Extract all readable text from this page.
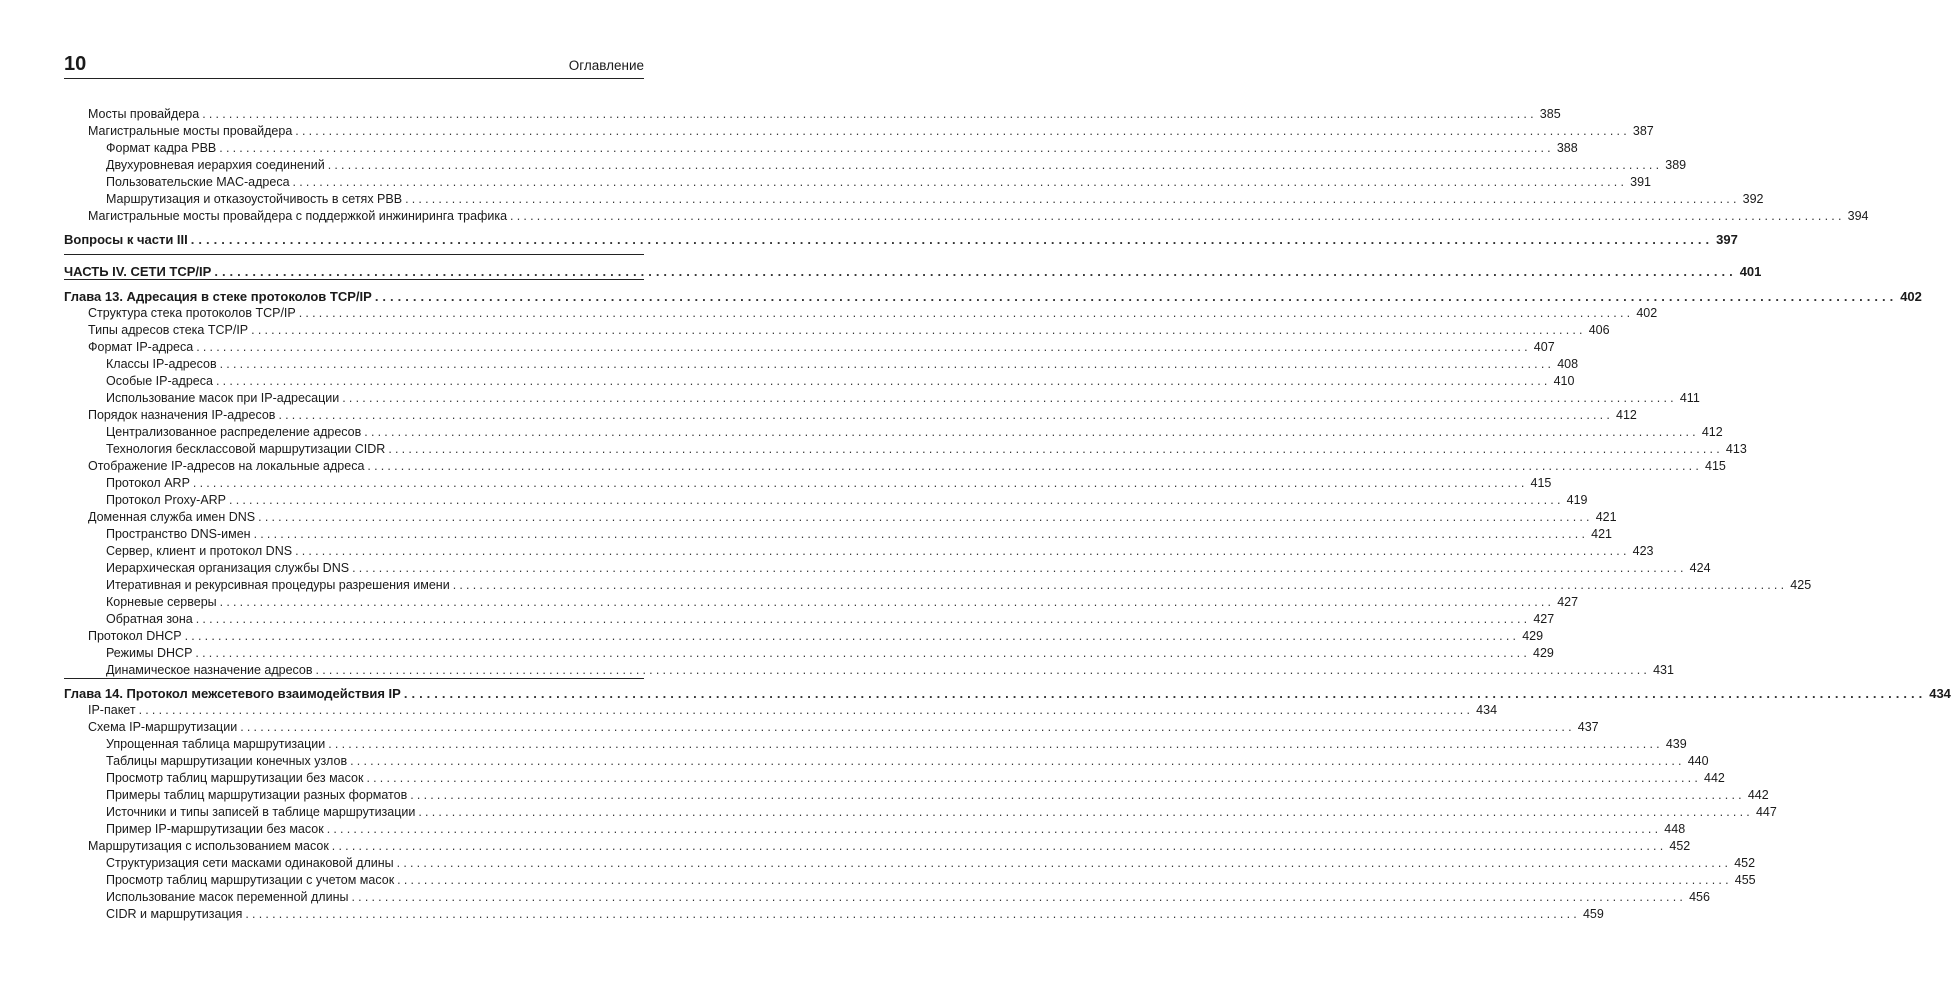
10	Оглавление
Мосты провайдера ........................................................................................................................................................................................................ 385
Магистральные мосты провайдера ........................................................................................................................................................................................................ 387
Формат кадра PBB ........................................................................................................................................................................................................ 388
Двухуровневая иерархия соединений ........................................................................................................................................................................................................ 389
Пользовательские MAC-адреса ........................................................................................................................................................................................................ 391
Маршрутизация и отказоустойчивость в сетях PBB ........................................................................................................................................................................................................ 392
Магистральные мосты провайдера с поддержкой инжиниринга трафика ........................................................................................................................................................................................................ 394
Вопросы к части III ........................................................................................................................................................................................................ 397
ЧАСТЬ IV. СЕТИ TCP/IP ........................................................................................................................................................................................................ 401
Глава 13. Адресация в стеке протоколов TCP/IP ........................................................................................................................................................................................................ 402
Структура стека протоколов TCP/IP ........................................................................................................................................................................................................ 402
Типы адресов стека TCP/IP ........................................................................................................................................................................................................ 406
Формат IP-адреса ........................................................................................................................................................................................................ 407
Классы IP-адресов ........................................................................................................................................................................................................ 408
Особые IP-адреса ........................................................................................................................................................................................................ 410
Использование масок при IP-адресации ........................................................................................................................................................................................................ 411
Порядок назначения IP-адресов ........................................................................................................................................................................................................ 412
Централизованное распределение адресов ........................................................................................................................................................................................................ 412
Технология бесклассовой маршрутизации CIDR ........................................................................................................................................................................................................ 413
Отображение IP-адресов на локальные адреса ........................................................................................................................................................................................................ 415
Протокол ARP ........................................................................................................................................................................................................ 415
Протокол Proxy-ARP ........................................................................................................................................................................................................ 419
Доменная служба имен DNS ........................................................................................................................................................................................................ 421
Пространство DNS-имен ........................................................................................................................................................................................................ 421
Сервер, клиент и протокол DNS ........................................................................................................................................................................................................ 423
Иерархическая организация службы DNS ........................................................................................................................................................................................................ 424
Итеративная и рекурсивная процедуры разрешения имени ........................................................................................................................................................................................................ 425
Корневые серверы ........................................................................................................................................................................................................ 427
Обратная зона ........................................................................................................................................................................................................ 427
Протокол DHCP ........................................................................................................................................................................................................ 429
Режимы DHCP ........................................................................................................................................................................................................ 429
Динамическое назначение адресов ........................................................................................................................................................................................................ 431
Глава 14. Протокол межсетевого взаимодействия IP ........................................................................................................................................................................................................ 434
IP-пакет ........................................................................................................................................................................................................ 434
Схема IP-маршрутизации ........................................................................................................................................................................................................ 437
Упрощенная таблица маршрутизации ........................................................................................................................................................................................................ 439
Таблицы маршрутизации конечных узлов ........................................................................................................................................................................................................ 440
Просмотр таблиц маршрутизации без масок ........................................................................................................................................................................................................ 442
Примеры таблиц маршрутизации разных форматов ........................................................................................................................................................................................................ 442
Источники и типы записей в таблице маршрутизации ........................................................................................................................................................................................................ 447
Пример IP-маршрутизации без масок ........................................................................................................................................................................................................ 448
Маршрутизация с использованием масок ........................................................................................................................................................................................................ 452
Структуризация сети масками одинаковой длины ........................................................................................................................................................................................................ 452
Просмотр таблиц маршрутизации с учетом масок ........................................................................................................................................................................................................ 455
Использование масок переменной длины ........................................................................................................................................................................................................ 456
CIDR и маршрутизация ........................................................................................................................................................................................................ 459
